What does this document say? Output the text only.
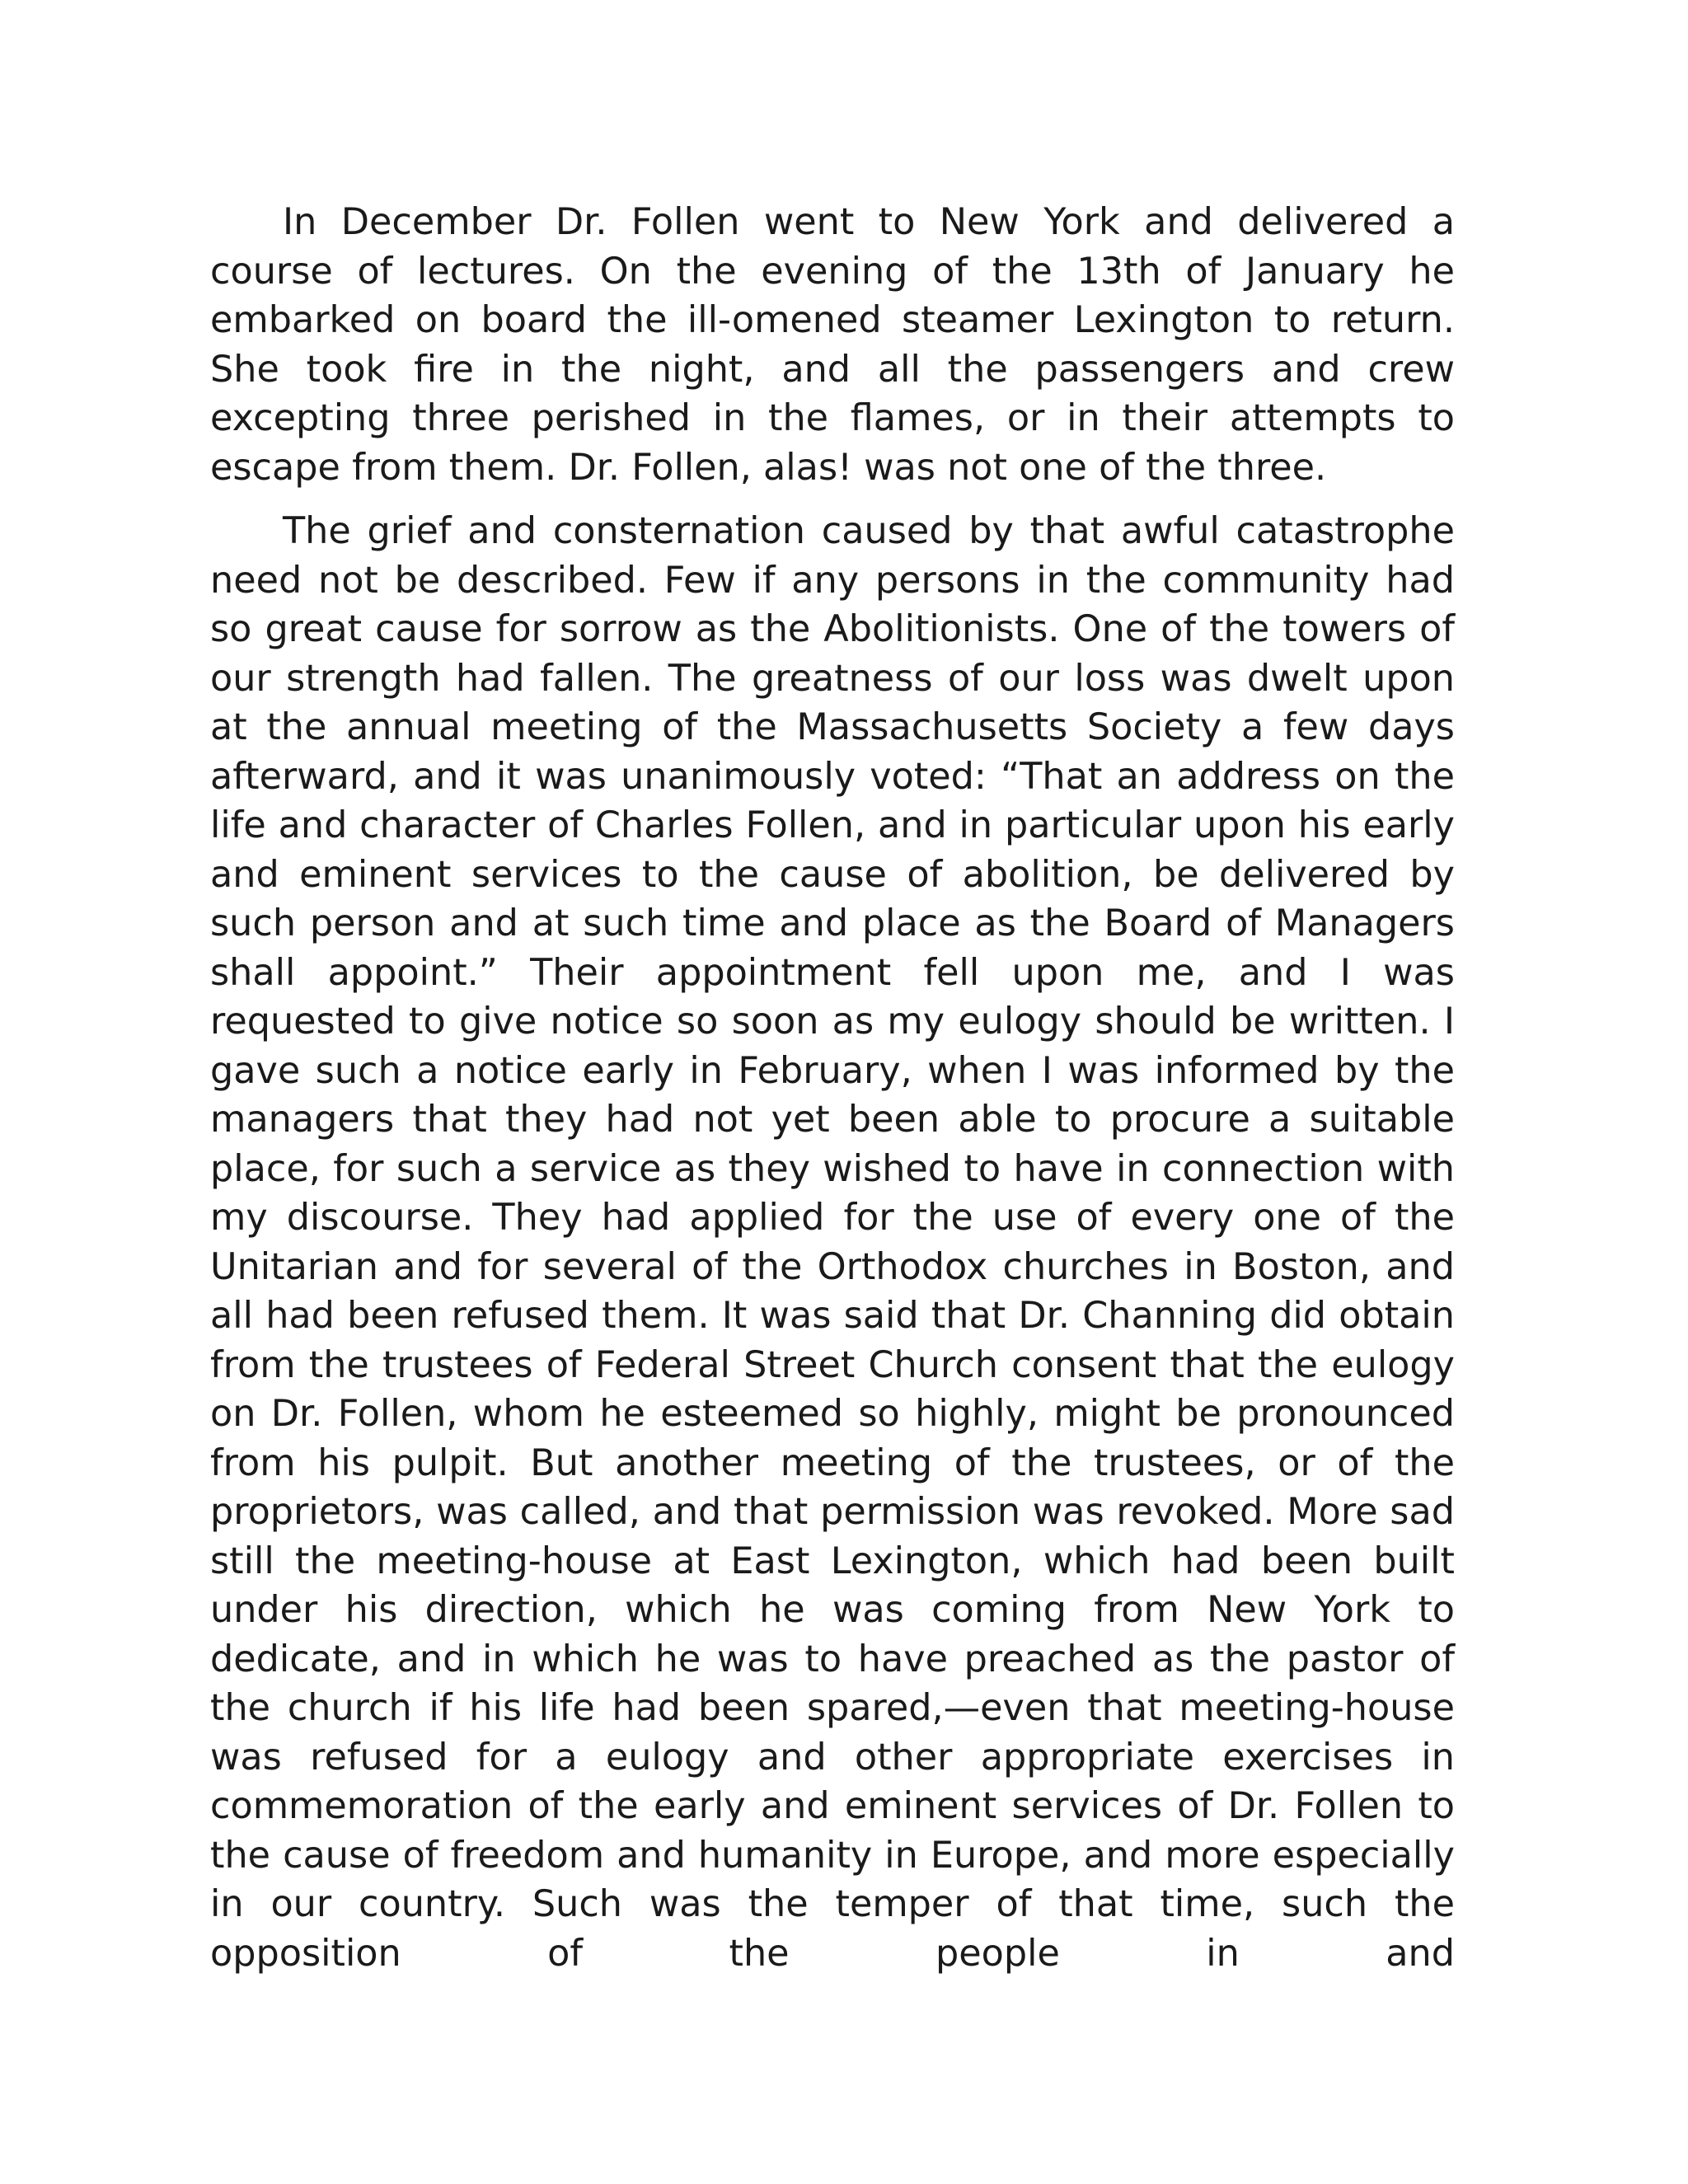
In December Dr. Follen went to New York and delivered a course of lectures. On the evening of the 13th of January he embarked on board the ill-omened steamer Lexington to return. She took fire in the night, and all the passengers and crew excepting three perished in the flames, or in their attempts to escape from them. Dr. Follen, alas! was not one of the three.

The grief and consternation caused by that awful catastrophe need not be described. Few if any persons in the community had so great cause for sorrow as the Abolitionists. One of the towers of our strength had fallen. The greatness of our loss was dwelt upon at the annual meeting of the Massachusetts Society a few days afterward, and it was unanimously voted: “That an address on the life and character of Charles Follen, and in particular upon his early and eminent services to the cause of abolition, be delivered by such person and at such time and place as the Board of Managers shall appoint.” Their appointment fell upon me, and I was requested to give notice so soon as my eulogy should be written. I gave such a notice early in February, when I was informed by the managers that they had not yet been able to procure a suitable place, for such a service as they wished to have in connection with my discourse. They had applied for the use of every one of the Unitarian and for several of the Orthodox churches in Boston, and all had been refused them. It was said that Dr. Channing did obtain from the trustees of Federal Street Church consent that the eulogy on Dr. Follen, whom he esteemed so highly, might be pronounced from his pulpit. But another meeting of the trustees, or of the proprietors, was called, and that permission was revoked. More sad still the meeting-house at East Lexington, which had been built under his direction, which he was coming from New York to dedicate, and in which he was to have preached as the pastor of the church if his life had been spared,—even that meeting-house was refused for a eulogy and other appropriate exercises in commemoration of the early and eminent services of Dr. Follen to the cause of freedom and humanity in Europe, and more especially in our country. Such was the temper of that time, such the opposition of the people in and
